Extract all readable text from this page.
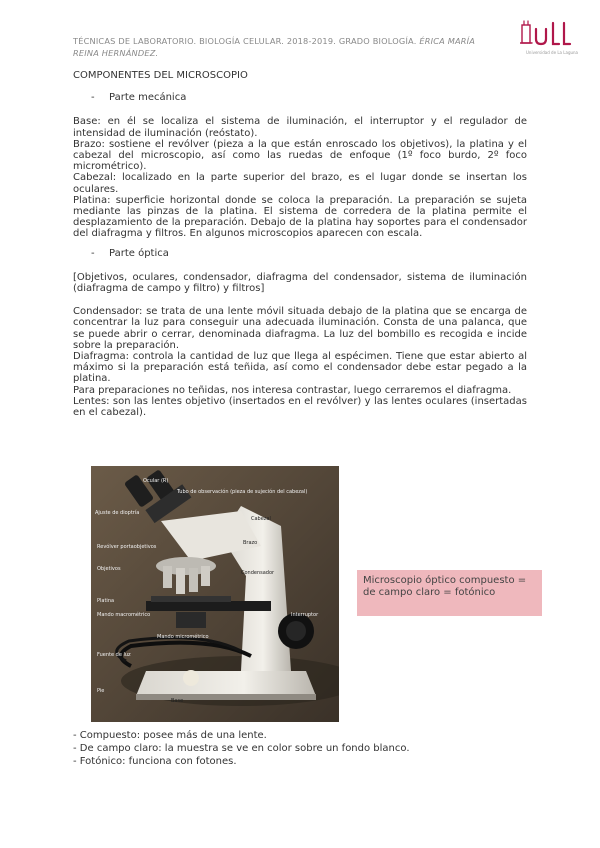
TÉCNICAS DE LABORATORIO. BIOLOGÍA CELULAR. 2018-2019. GRADO BIOLOGÍA. ÉRICA MARÍA
REINA HERNÁNDEZ.	Universidad de La Laguna
COMPONENTES DEL MICROSCOPIO
- Parte mecánica

Base: en él se localiza el sistema de iluminación, el interruptor y el regulador de intensidad de iluminación (reóstato).

Brazo: sostiene el revólver (pieza a la que están enroscado los objetivos), la platina y el cabezal del microscopio, así como las ruedas de enfoque (1º foco burdo, 2º foco micrométrico).

Cabezal: localizado en la parte superior del brazo, es el lugar donde se insertan los oculares.

Platina: superficie horizontal donde se coloca la preparación. La preparación se sujeta mediante las pinzas de la platina. El sistema de corredera de la platina permite el desplazamiento de la preparación. Debajo de la platina hay soportes para el condensador del diafragma y filtros. En algunos microscopios aparecen con escala.

- Parte óptica

[Objetivos, oculares, condensador, diafragma del condensador, sistema de iluminación (diafragma de campo y filtro) y filtros]

Condensador: se trata de una lente móvil situada debajo de la platina que se encarga de concentrar la luz para conseguir una adecuada iluminación. Consta de una palanca, que se puede abrir o cerrar, denominada diafragma. La luz del bombillo es recogida e incide sobre la preparación.

Diafragma: controla la cantidad de luz que llega al espécimen. Tiene que estar abierto al máximo si la preparación está teñida, así como el condensador debe estar pegado a la platina.

Para preparaciones no teñidas, nos interesa contrastar, luego cerraremos el diafragma.

Lentes: son las lentes objetivo (insertados en el revólver) y las lentes oculares (insertadas en el cabezal).

Ocular (R)
Tubo de observación (pieza de sujeción del cabezal)
Ajuste de dioptría
Cabezal
Revólver portaobjetivos
Brazo
Objetivos
Condensador
Platina
Mando macrométrico
Mando micrométrico
Fuente de luz
Pie
Base
Interruptor
Microscopio óptico compuesto = de campo claro = fotónico
- Compuesto: posee más de una lente.
- De campo claro: la muestra se ve en color sobre un fondo blanco.
- Fotónico: funciona con fotones.
